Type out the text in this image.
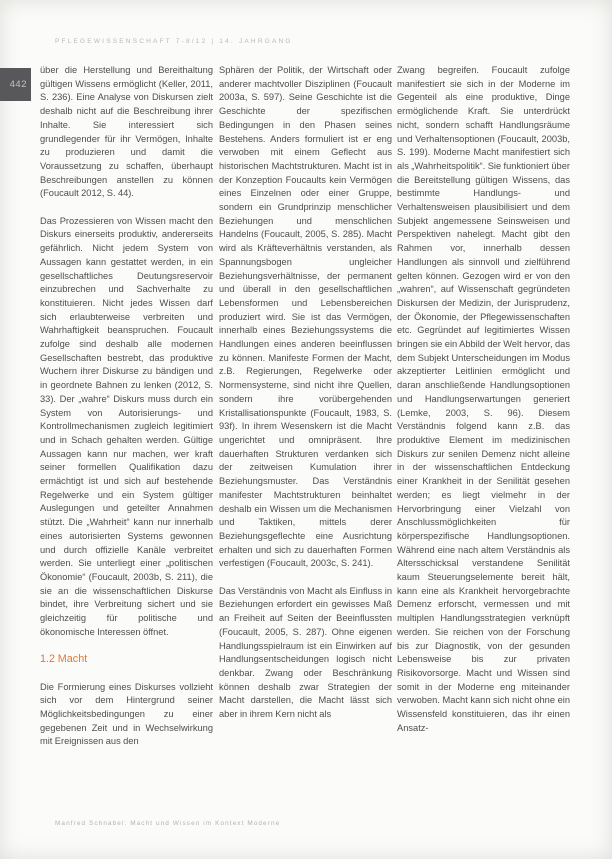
PFLEGEWISSENSCHAFT 7-8/12 | 14. JAHRGANG
442

über die Herstellung und Bereithaltung gültigen Wissens ermöglicht (Keller, 2011, S. 236). Eine Analyse von Diskursen zielt deshalb nicht auf die Beschreibung ihrer Inhalte. Sie interessiert sich grundlegender für ihr Vermögen, Inhalte zu produzieren und damit die Voraussetzung zu schaffen, überhaupt Beschreibungen anstellen zu können (Foucault 2012, S. 44).

Das Prozessieren von Wissen macht den Diskurs einerseits produktiv, andererseits gefährlich. Nicht jedem System von Aussagen kann gestattet werden, in ein gesellschaftliches Deutungsreservoir einzubrechen und Sachverhalte zu konstituieren. Nicht jedes Wissen darf sich erlaubterweise verbreiten und Wahrhaftigkeit beanspruchen. Foucault zufolge sind deshalb alle modernen Gesellschaften bestrebt, das produktive Wuchern ihrer Diskurse zu bändigen und in geordnete Bahnen zu lenken (2012, S. 33). Der „wahre“ Diskurs muss durch ein System von Autorisierungs- und Kontrollmechanismen zugleich legitimiert und in Schach gehalten werden. Gültige Aussagen kann nur machen, wer kraft seiner formellen Qualifikation dazu ermächtigt ist und sich auf bestehende Regelwerke und ein System gültiger Auslegungen und geteilter Annahmen stützt. Die „Wahrheit“ kann nur innerhalb eines autorisierten Systems gewonnen und durch offizielle Kanäle verbreitet werden. Sie unterliegt einer „politischen Ökonomie“ (Foucault, 2003b, S. 211), die sie an die wissenschaftlichen Diskurse bindet, ihre Verbreitung sichert und sie gleichzeitig für politische und ökonomische Interessen öffnet.

1.2 Macht

Die Formierung eines Diskurses vollzieht sich vor dem Hintergrund seiner Möglichkeitsbedingungen zu einer gegebenen Zeit und in Wechselwirkung mit Ereignissen aus den

Sphären der Politik, der Wirtschaft oder anderer machtvoller Disziplinen (Foucault 2003a, S. 597). Seine Geschichte ist die Geschichte der spezifischen Bedingungen in den Phasen seines Bestehens. Anders formuliert ist er eng verwoben mit einem Geflecht aus historischen Machtstrukturen. Macht ist in der Konzeption Foucaults kein Vermögen eines Einzelnen oder einer Gruppe, sondern ein Grundprinzip menschlicher Beziehungen und menschlichen Handelns (Foucault, 2005, S. 285). Macht wird als Kräfteverhältnis verstanden, als Spannungsbogen ungleicher Beziehungsverhältnisse, der permanent und überall in den gesellschaftlichen Lebensformen und Lebensbereichen produziert wird. Sie ist das Vermögen, innerhalb eines Beziehungssystems die Handlungen eines anderen beeinflussen zu können. Manifeste Formen der Macht, z.B. Regierungen, Regelwerke oder Normensysteme, sind nicht ihre Quellen, sondern ihre vorübergehenden Kristallisationspunkte (Foucault, 1983, S. 93f). In ihrem Wesenskern ist die Macht ungerichtet und omnipräsent. Ihre dauerhaften Strukturen verdanken sich der zeitweisen Kumulation ihrer Beziehungsmuster. Das Verständnis manifester Machtstrukturen beinhaltet deshalb ein Wissen um die Mechanismen und Taktiken, mittels derer Beziehungsgeflechte eine Ausrichtung erhalten und sich zu dauerhaften Formen verfestigen (Foucault, 2003c, S. 241).

Das Verständnis von Macht als Einfluss in Beziehungen erfordert ein gewisses Maß an Freiheit auf Seiten der Beeinflussten (Foucault, 2005, S. 287). Ohne eigenen Handlungsspielraum ist ein Einwirken auf Handlungsentscheidungen logisch nicht denkbar. Zwang oder Beschränkung können deshalb zwar Strategien der Macht darstellen, die Macht lässt sich aber in ihrem Kern nicht als

Zwang begreifen. Foucault zufolge manifestiert sie sich in der Moderne im Gegenteil als eine produktive, Dinge ermöglichende Kraft. Sie unterdrückt nicht, sondern schafft Handlungsräume und Verhaltensoptionen (Foucault, 2003b, S. 199). Moderne Macht manifestiert sich als „Wahrheitspolitik“. Sie funktioniert über die Bereitstellung gültigen Wissens, das bestimmte Handlungs- und Verhaltensweisen plausibilisiert und dem Subjekt angemessene Seinsweisen und Perspektiven nahelegt. Macht gibt den Rahmen vor, innerhalb dessen Handlungen als sinnvoll und zielführend gelten können. Gezogen wird er von den „wahren“, auf Wissenschaft gegründeten Diskursen der Medizin, der Jurisprudenz, der Ökonomie, der Pflegewissenschaften etc. Gegründet auf legitimiertes Wissen bringen sie ein Abbild der Welt hervor, das dem Subjekt Unterscheidungen im Modus akzeptierter Leitlinien ermöglicht und daran anschließende Handlungsoptionen und Handlungserwartungen generiert (Lemke, 2003, S. 96). Diesem Verständnis folgend kann z.B. das produktive Element im medizinischen Diskurs zur senilen Demenz nicht alleine in der wissenschaftlichen Entdeckung einer Krankheit in der Senilität gesehen werden; es liegt vielmehr in der Hervorbringung einer Vielzahl von Anschlussmöglichkeiten für körperspezifische Handlungsoptionen. Während eine nach altem Verständnis als Altersschicksal verstandene Senilität kaum Steuerungselemente bereit hält, kann eine als Krankheit hervorgebrachte Demenz erforscht, vermessen und mit multiplen Handlungsstrategien verknüpft werden. Sie reichen von der Forschung bis zur Diagnostik, von der gesunden Lebensweise bis zur privaten Risikovorsorge. Macht und Wissen sind somit in der Moderne eng miteinander verwoben. Macht kann sich nicht ohne ein Wissensfeld konstituieren, das ihr einen Ansatz-

Manfred Schnabel: Macht und Wissen im Kontext Moderne
